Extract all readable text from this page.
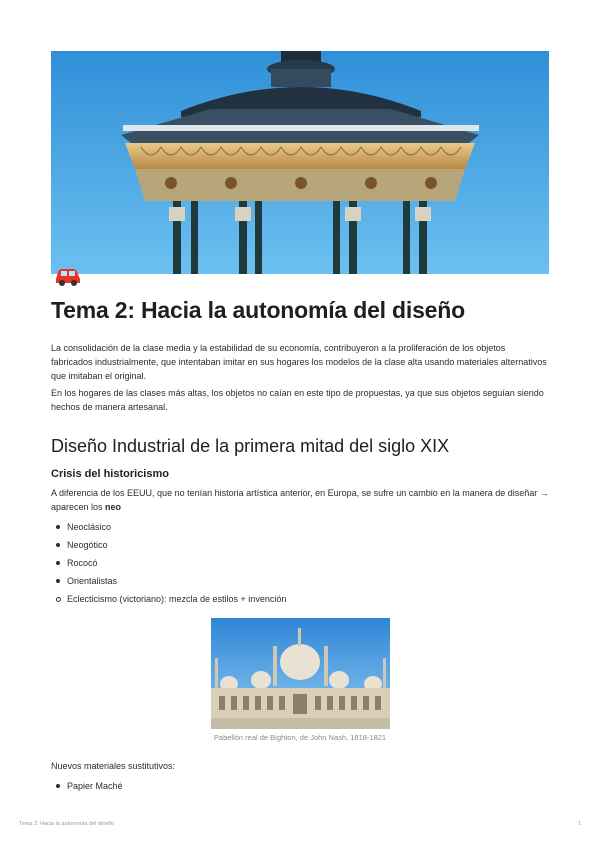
Tema 2: Hacia la autonomía del diseño

La consolidación de la clase media y la estabilidad de su economía, contribuyeron a la proliferación de los objetos fabricados industrialmente, que intentaban imitar en sus hogares los modelos de la clase alta usando materiales alternativos que imitaban el original.

En los hogares de las clases más altas, los objetos no caían en este tipo de propuestas, ya que sus objetos seguían siendo hechos de manera artesanal.

Diseño Industrial de la primera mitad del siglo XIX
Crisis del historicismo

A diferencia de los EEUU, que no tenían historia artística anterior, en Europa, se sufre un cambio en la manera de diseñar → aparecen los neo

Neoclásico
Neogótico
Rococó
Orientalistas
Eclecticismo (victoriano): mezcla de estilos + invención
Pabellón real de Bighton, de John Nash, 1818-1821

Nuevos materiales sustitutivos:

Papier Maché
Tema 2: Hacia la autonomía del diseño	1
